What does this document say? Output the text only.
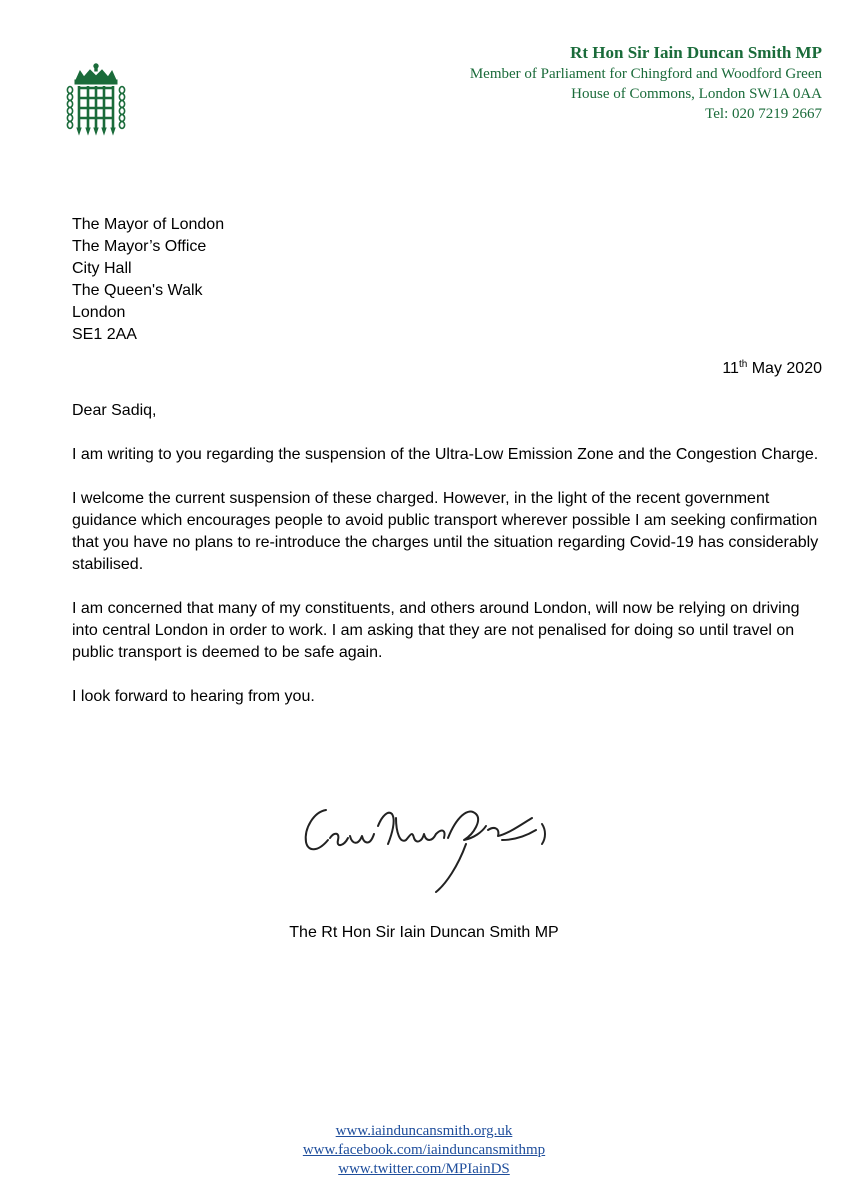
Rt Hon Sir Iain Duncan Smith MP
Member of Parliament for Chingford and Woodford Green
House of Commons, London SW1A 0AA
Tel: 020 7219 2667
The Mayor of London
The Mayor’s Office
City Hall
The Queen's Walk
London
SE1 2AA
11th May 2020

Dear Sadiq,

I am writing to you regarding the suspension of the Ultra-Low Emission Zone and the Congestion Charge.

I welcome the current suspension of these charged. However, in the light of the recent government guidance which encourages people to avoid public transport wherever possible I am seeking confirmation that you have no plans to re-introduce the charges until the situation regarding Covid-19 has considerably stabilised.

I am concerned that many of my constituents, and others around London, will now be relying on driving into central London in order to work. I am asking that they are not penalised for doing so until travel on public transport is deemed to be safe again.

I look forward to hearing from you.

The Rt Hon Sir Iain Duncan Smith MP
www.iainduncansmith.org.uk
www.facebook.com/iainduncansmithmp
www.twitter.com/MPIainDS
